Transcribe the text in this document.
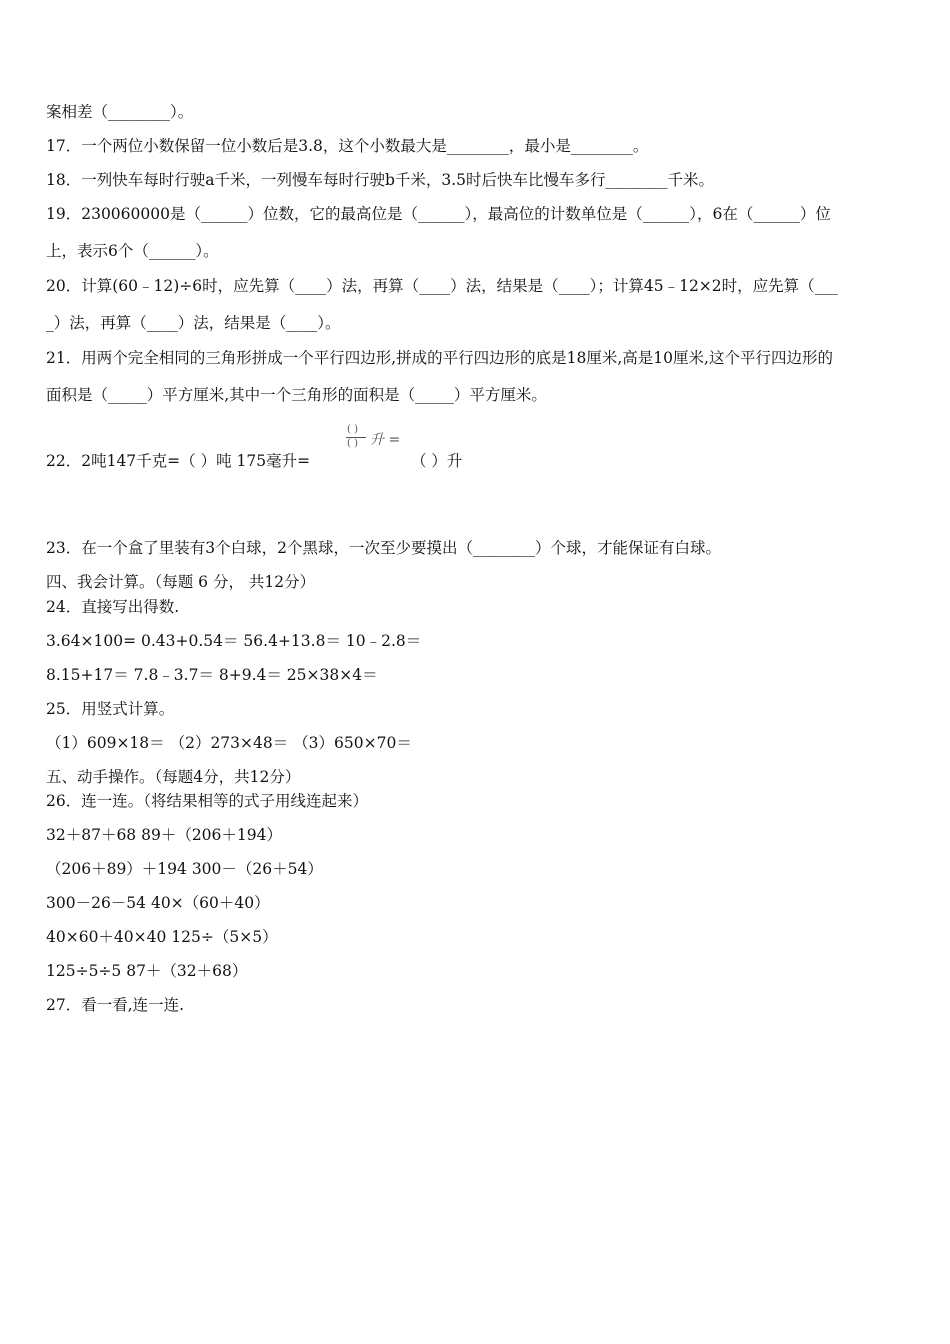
案相差（________）。
17．一个两位小数保留一位小数后是3.8，这个小数最大是________，最小是________。
18．一列快车每时行驶a千米，一列慢车每时行驶b千米，3.5时后快车比慢车多行________千米。
19．230060000是（______）位数，它的最高位是（______），最高位的计数单位是（______），6在（______）位
上，表示6个（______）。
20．计算(60﹣12)÷6时，应先算（____）法，再算（____）法，结果是（____）；计算45﹣12×2时，应先算（___
_）法，再算（____）法，结果是（____）。
21．用两个完全相同的三角形拼成一个平行四边形,拼成的平行四边形的底是18厘米,高是10厘米,这个平行四边形的
面积是（_____）平方厘米,其中一个三角形的面积是（_____）平方厘米。
22．2吨147千克=（ ）吨 175毫升=
( )
( ) 升 =
（ ）升
23．在一个盒了里装有3个白球，2个黑球，一次至少要摸出（________）个球，才能保证有白球。
四、我会计算。（每题 6 分， 共12分）
24．直接写出得数.
3.64×100= 0.43+0.54＝ 56.4+13.8＝ 10﹣2.8＝
8.15+17＝ 7.8﹣3.7＝ 8+9.4＝ 25×38×4＝
25．用竖式计算。
（1）609×18＝ （2）273×48＝ （3）650×70＝
五、动手操作。（每题4分，共12分）
26．连一连。（将结果相等的式子用线连起来）
32＋87＋68 89＋（206＋194）
（206＋89）＋194 300－（26＋54）
300－26－54 40×（60＋40）
40×60＋40×40 125÷（5×5）
125÷5÷5 87＋（32＋68）
27．看一看,连一连.
